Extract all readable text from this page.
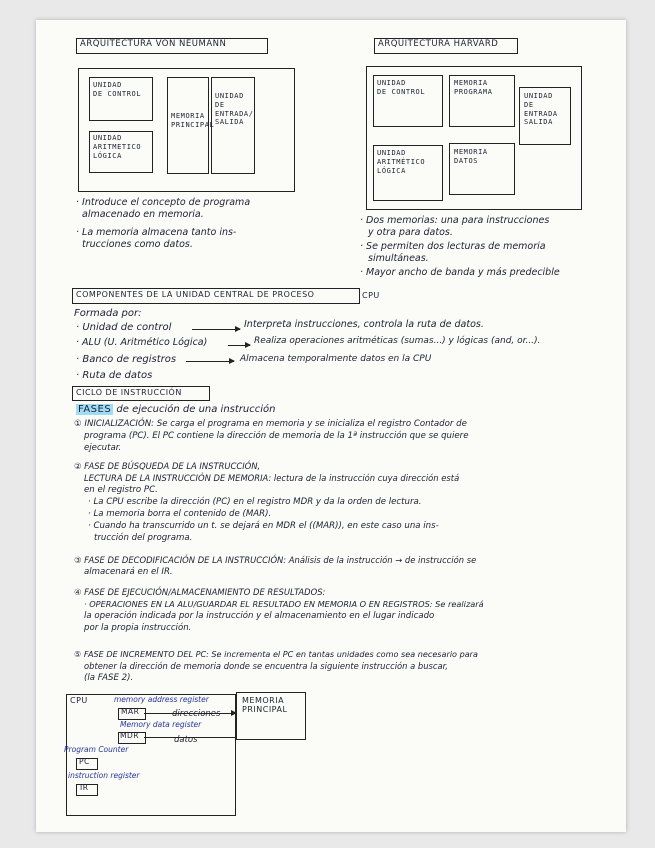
ARQUITECTURA VON NEUMANN
UNIDAD
DE CONTROL
UNIDAD
ARITMETICO
LÓGICA
MEMORIA
PRINCIPAL
UNIDAD
DE
ENTRADA/
SALIDA
· Introduce el concepto de programa
almacenado en memoria.
· La memoria almacena tanto ins-
trucciones como datos.
ARQUITECTURA HARVARD
UNIDAD
DE CONTROL
MEMORIA
PROGRAMA
UNIDAD
DE
ENTRADA
SALIDA
UNIDAD
ARITMÉTICO
LÓGICA
MEMORIA
DATOS
· Dos memorias: una para instrucciones
y otra para datos.
· Se permiten dos lecturas de memoria
simultáneas.
· Mayor ancho de banda y más predecible
COMPONENTES DE LA UNIDAD CENTRAL DE PROCESO	CPU
Formada por:
· Unidad de control	Interpreta instrucciones, controla la ruta de datos.
· ALU (U. Aritmético Lógica)	Realiza operaciones aritméticas (sumas...) y lógicas (and, or...).
· Banco de registros	Almacena temporalmente datos en la CPU
· Ruta de datos
CICLO DE INSTRUCCIÓN
FASES de ejecución de una instrucción
① INICIALIZACIÓN: Se carga el programa en memoria y se inicializa el registro Contador de
programa (PC). El PC contiene la dirección de memoria de la 1ª instrucción que se quiere
ejecutar.
② FASE DE BÚSQUEDA DE LA INSTRUCCIÓN,
LECTURA DE LA INSTRUCCIÓN DE MEMORIA: lectura de la instrucción cuya dirección está
en el registro PC.
· La CPU escribe la dirección (PC) en el registro MDR y da la orden de lectura.
· La memoria borra el contenido de (MAR).
· Cuando ha transcurrido un t. se dejará en MDR el ((MAR)), en este caso una ins-
trucción del programa.
③ FASE DE DECODIFICACIÓN DE LA INSTRUCCIÓN: Análisis de la instrucción → de instrucción se
almacenará en el IR.
④ FASE DE EJECUCIÓN/ALMACENAMIENTO DE RESULTADOS:
· OPERACIONES EN LA ALU/GUARDAR EL RESULTADO EN MEMORIA O EN REGISTROS: Se realizará
la operación indicada por la instrucción y el almacenamiento en el lugar indicado
por la propia instrucción.
⑤ FASE DE INCREMENTO DEL PC: Se incrementa el PC en tantas unidades como sea necesario para
obtener la dirección de memoria donde se encuentra la siguiente instrucción a buscar,
(la FASE 2).
CPU	memory address register
MAR	direcciones
Memory data register
MDR	datos
Program Counter
PC
instruction register
IR
MEMORIA
PRINCIPAL
